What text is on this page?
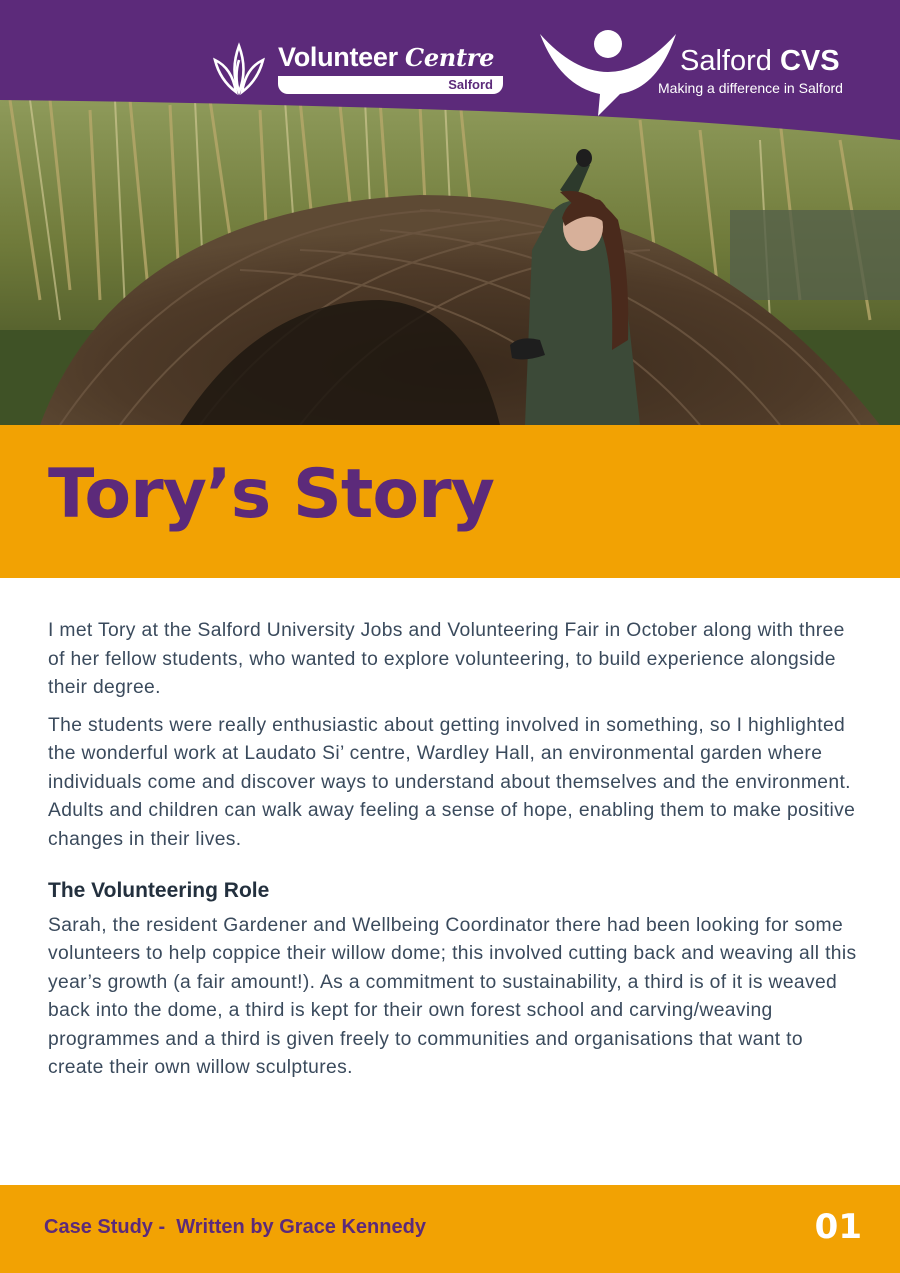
Volunteer Centre
Salford
Salford CVS
Making a difference in Salford
Tory’s Story

I met Tory at the Salford University Jobs and Volunteering Fair in October along with three of her fellow students, who wanted to explore volunteering, to build experience alongside their degree.

The students were really enthusiastic about getting involved in something, so I highlighted the wonderful work at Laudato Si’ centre, Wardley Hall, an environmental garden where individuals come and discover ways to understand about themselves and the environment. Adults and children can walk away feeling a sense of hope, enabling them to make positive changes in their lives.

The Volunteering Role

Sarah, the resident Gardener and Wellbeing Coordinator there had been looking for some volunteers to help coppice their willow dome; this involved cutting back and weaving all this year’s growth (a fair amount!). As a commitment to sustainability, a third is of it is weaved back into the dome, a third is kept for their own forest school and carving/weaving programmes and a third is given freely to communities and organisations that want to create their own willow sculptures.

Case Study -  Written by Grace Kennedy	01
